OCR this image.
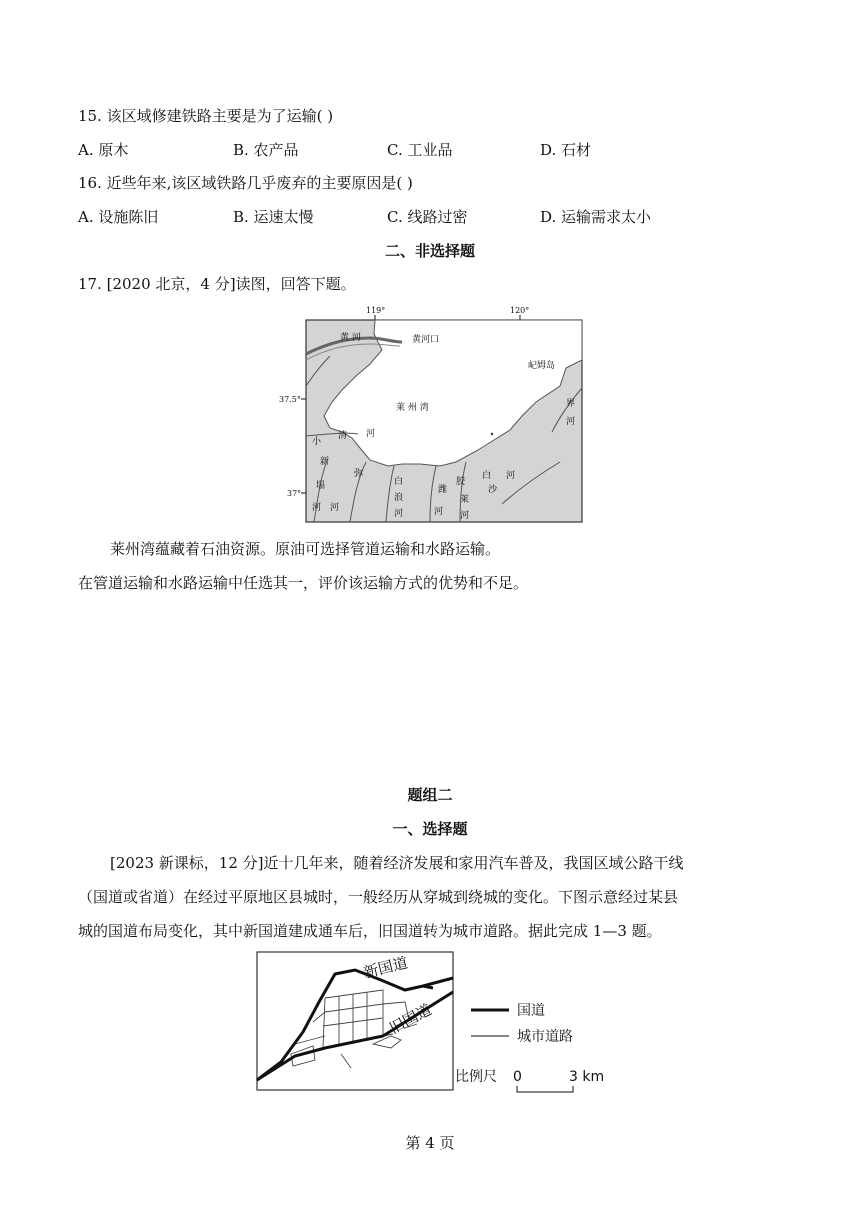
15. 该区域修建铁路主要是为了运输( )
A. 原木	B. 农产品	C. 工业品	D. 石材
16. 近些年来,该区域铁路几乎废弃的主要原因是( )
A. 设施陈旧	B. 运速太慢	C. 线路过密	D. 运输需求太小
二、非选择题
17. [2020 北京，4 分]读图，回答下题。
119°	120°
37.5°
37°
黄 河	黄河口
屺姆岛
莱 州 湾	界
河
小
清 河
新
塌
河
弥
河
白
浪
河
潍
河
胶
莱
河
白 河
沙
莱州湾蕴藏着石油资源。原油可选择管道运输和水路运输。
在管道运输和水路运输中任选其一，评价该运输方式的优势和不足。
题组二
一、选择题
[2023 新课标，12 分]近十几年来，随着经济发展和家用汽车普及，我国区域公路干线
（国道或省道）在经过平原地区县城时，一般经历从穿城到绕城的变化。下图示意经过某县
城的国道布局变化，其中新国道建成通车后，旧国道转为城市道路。据此完成 1—3 题。
新国道
旧国道	国道
城市道路
比例尺 0	3 km
第 4 页
